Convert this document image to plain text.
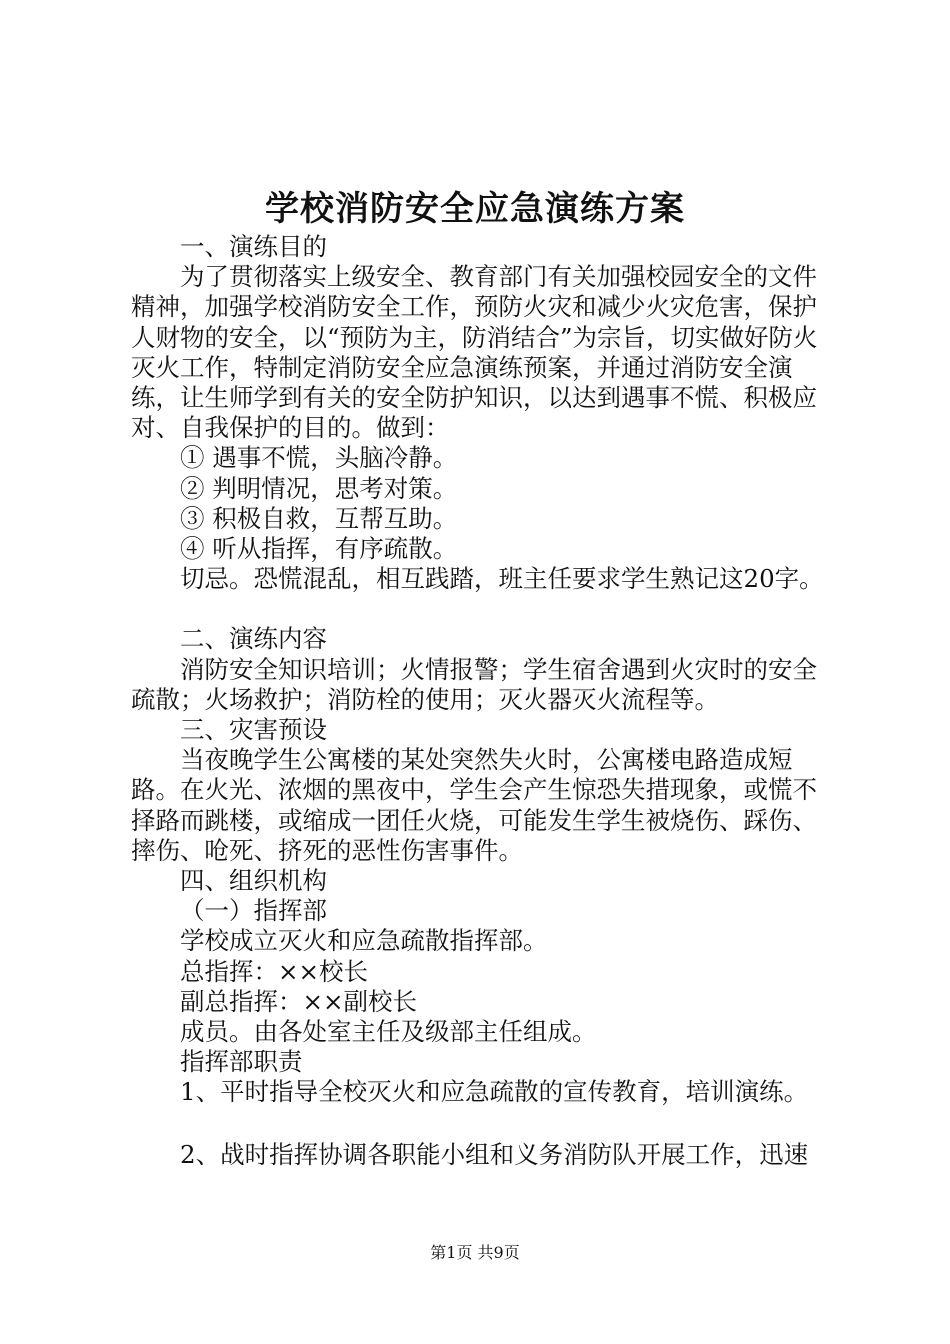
学校消防安全应急演练方案

一、演练目的

为了贯彻落实上级安全、教育部门有关加强校园安全的文件精神，加强学校消防安全工作，预防火灾和减少火灾危害，保护人财物的安全，以“预防为主，防消结合”为宗旨，切实做好防火灭火工作，特制定消防安全应急演练预案，并通过消防安全演练，让生师学到有关的安全防护知识，以达到遇事不慌、积极应对、自我保护的目的。做到：

① 遇事不慌，头脑冷静。

② 判明情况，思考对策。

③ 积极自救，互帮互助。

④ 听从指挥，有序疏散。

切忌。恐慌混乱，相互践踏，班主任要求学生熟记这20字。

二、演练内容

消防安全知识培训；火情报警；学生宿舍遇到火灾时的安全疏散；火场救护；消防栓的使用；灭火器灭火流程等。

三、灾害预设

当夜晚学生公寓楼的某处突然失火时，公寓楼电路造成短路。在火光、浓烟的黑夜中，学生会产生惊恐失措现象，或慌不择路而跳楼，或缩成一团任火烧，可能发生学生被烧伤、踩伤、摔伤、呛死、挤死的恶性伤害事件。

四、组织机构

（一）指挥部

学校成立灭火和应急疏散指挥部。

总指挥：××校长

副总指挥：××副校长

成员。由各处室主任及级部主任组成。

指挥部职责

1、平时指导全校灭火和应急疏散的宣传教育，培训演练。

2、战时指挥协调各职能小组和义务消防队开展工作，迅速

第1页 共9页
